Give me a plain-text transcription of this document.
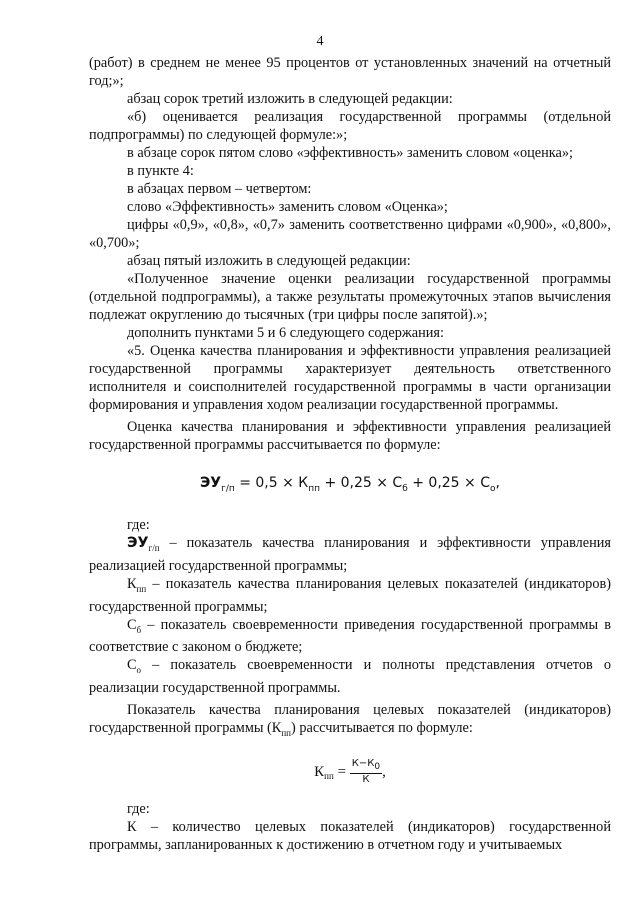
4

(работ) в среднем не менее 95 процентов от установленных значений на отчетный год;»;

абзац сорок третий изложить в следующей редакции:

«б) оценивается реализация государственной программы (отдельной подпрограммы) по следующей формуле:»;

в абзаце сорок пятом слово «эффективность» заменить словом «оценка»;

в пункте 4:

в абзацах первом – четвертом:

слово «Эффективность» заменить словом «Оценка»;

цифры «0,9», «0,8», «0,7» заменить соответственно цифрами «0,900», «0,800», «0,700»;

абзац пятый изложить в следующей редакции:

«Полученное значение оценки реализации государственной программы (отдельной подпрограммы), а также результаты промежуточных этапов вычисления подлежат округлению до тысячных (три цифры после запятой).»;

дополнить пунктами 5 и 6 следующего содержания:

«5. Оценка качества планирования и эффективности управления реализацией государственной программы характеризует деятельность ответственного исполнителя и соисполнителей государственной программы в части организации формирования и управления ходом реализации государственной программы.

Оценка качества планирования и эффективности управления реализацией государственной программы рассчитывается по формуле:

$ЭУ_{г/п} = 0,5 \times К_{пп} + 0,25 \times С_б + 0,25 \times С_о$,

где:

$ЭУ_{г/п}$ – показатель качества планирования и эффективности управления реализацией государственной программы;

$К_{пп}$ – показатель качества планирования целевых показателей (индикаторов) государственной программы;

$С_б$ – показатель своевременности приведения государственной программы в соответствие с законом о бюджете;

$С_о$ – показатель своевременности и полноты представления отчетов о реализации государственной программы.

Показатель качества планирования целевых показателей (индикаторов) государственной программы $(К_{пп})$ рассчитывается по формуле:

$К_{пп} = \frac{К-К_0}{К}$ ,

где:

К – количество целевых показателей (индикаторов) государственной программы, запланированных к достижению в отчетном году и учитываемых
